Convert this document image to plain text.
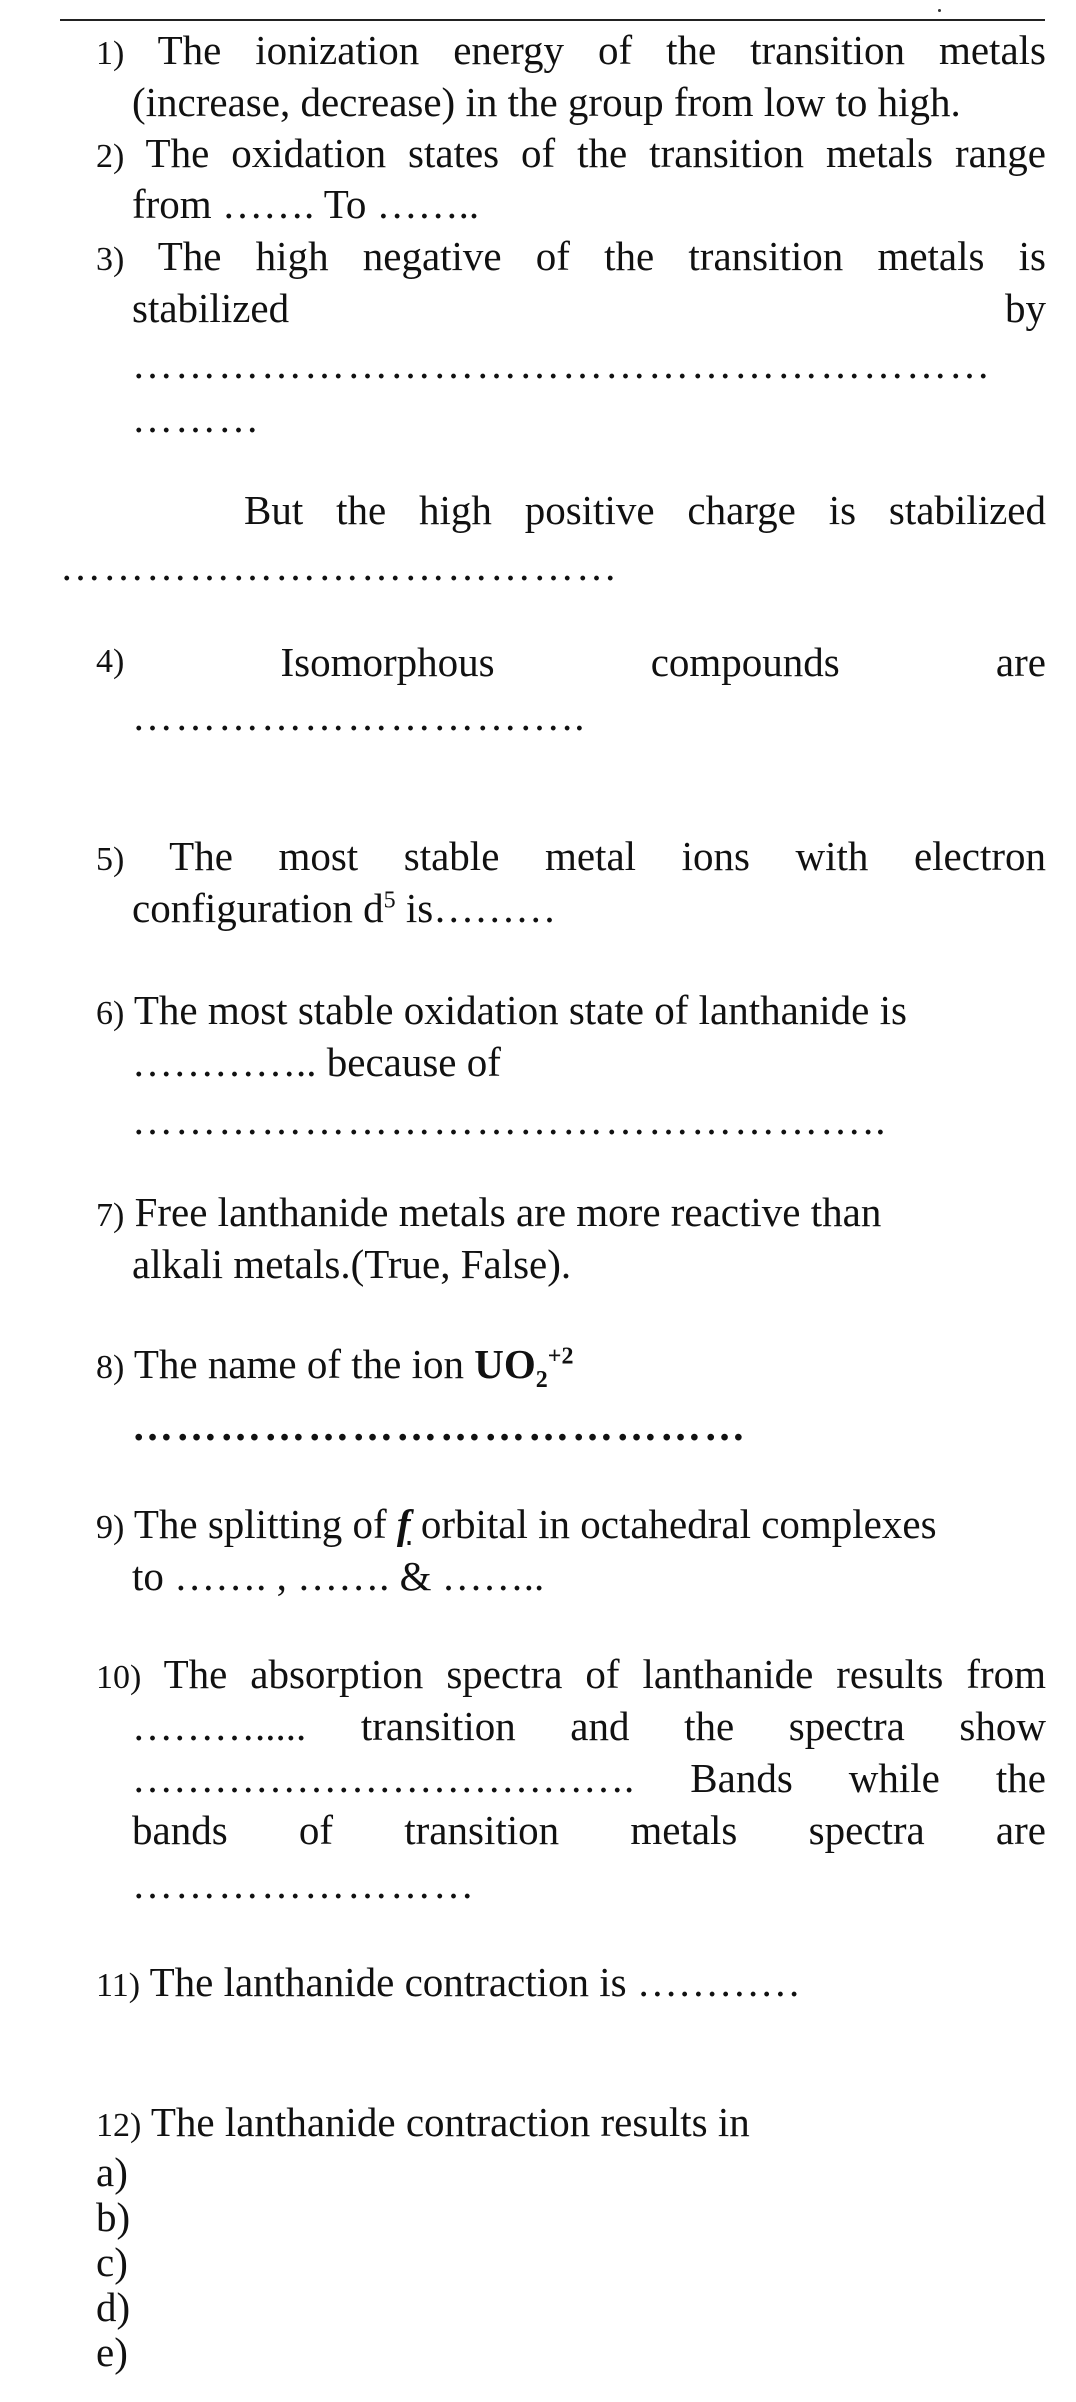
1) The ionization energy of the transition metals
(increase, decrease) in the group from low to high.
2) The oxidation states of the transition metals range
from ……. To ……..
3) The high negative of the transition metals is
stabilized	by
……………………………………………………
………
But the high positive charge is stabilized
…………………………………
4)	Isomorphous	compounds	are
…………………………..
5) The most stable metal ions with electron
configuration $d^5$ is………
6) The most stable oxidation state of lanthanide is
………….. because of
……………………………………………..
7) Free lanthanide metals are more reactive than
alkali metals.(True, False).
8) The name of the ion $UO_2^{+2}$
……………………………………
9) The splitting of f orbital in octahedral complexes
to ……. , ……. & ……..
10) The absorption spectra of lanthanide results from
………..... transition and the spectra show
………………………………. Bands while the
bands of transition metals spectra are
……………………
11) The lanthanide contraction is …………
12) The lanthanide contraction results in
a)
b)
c)
d)
e)
